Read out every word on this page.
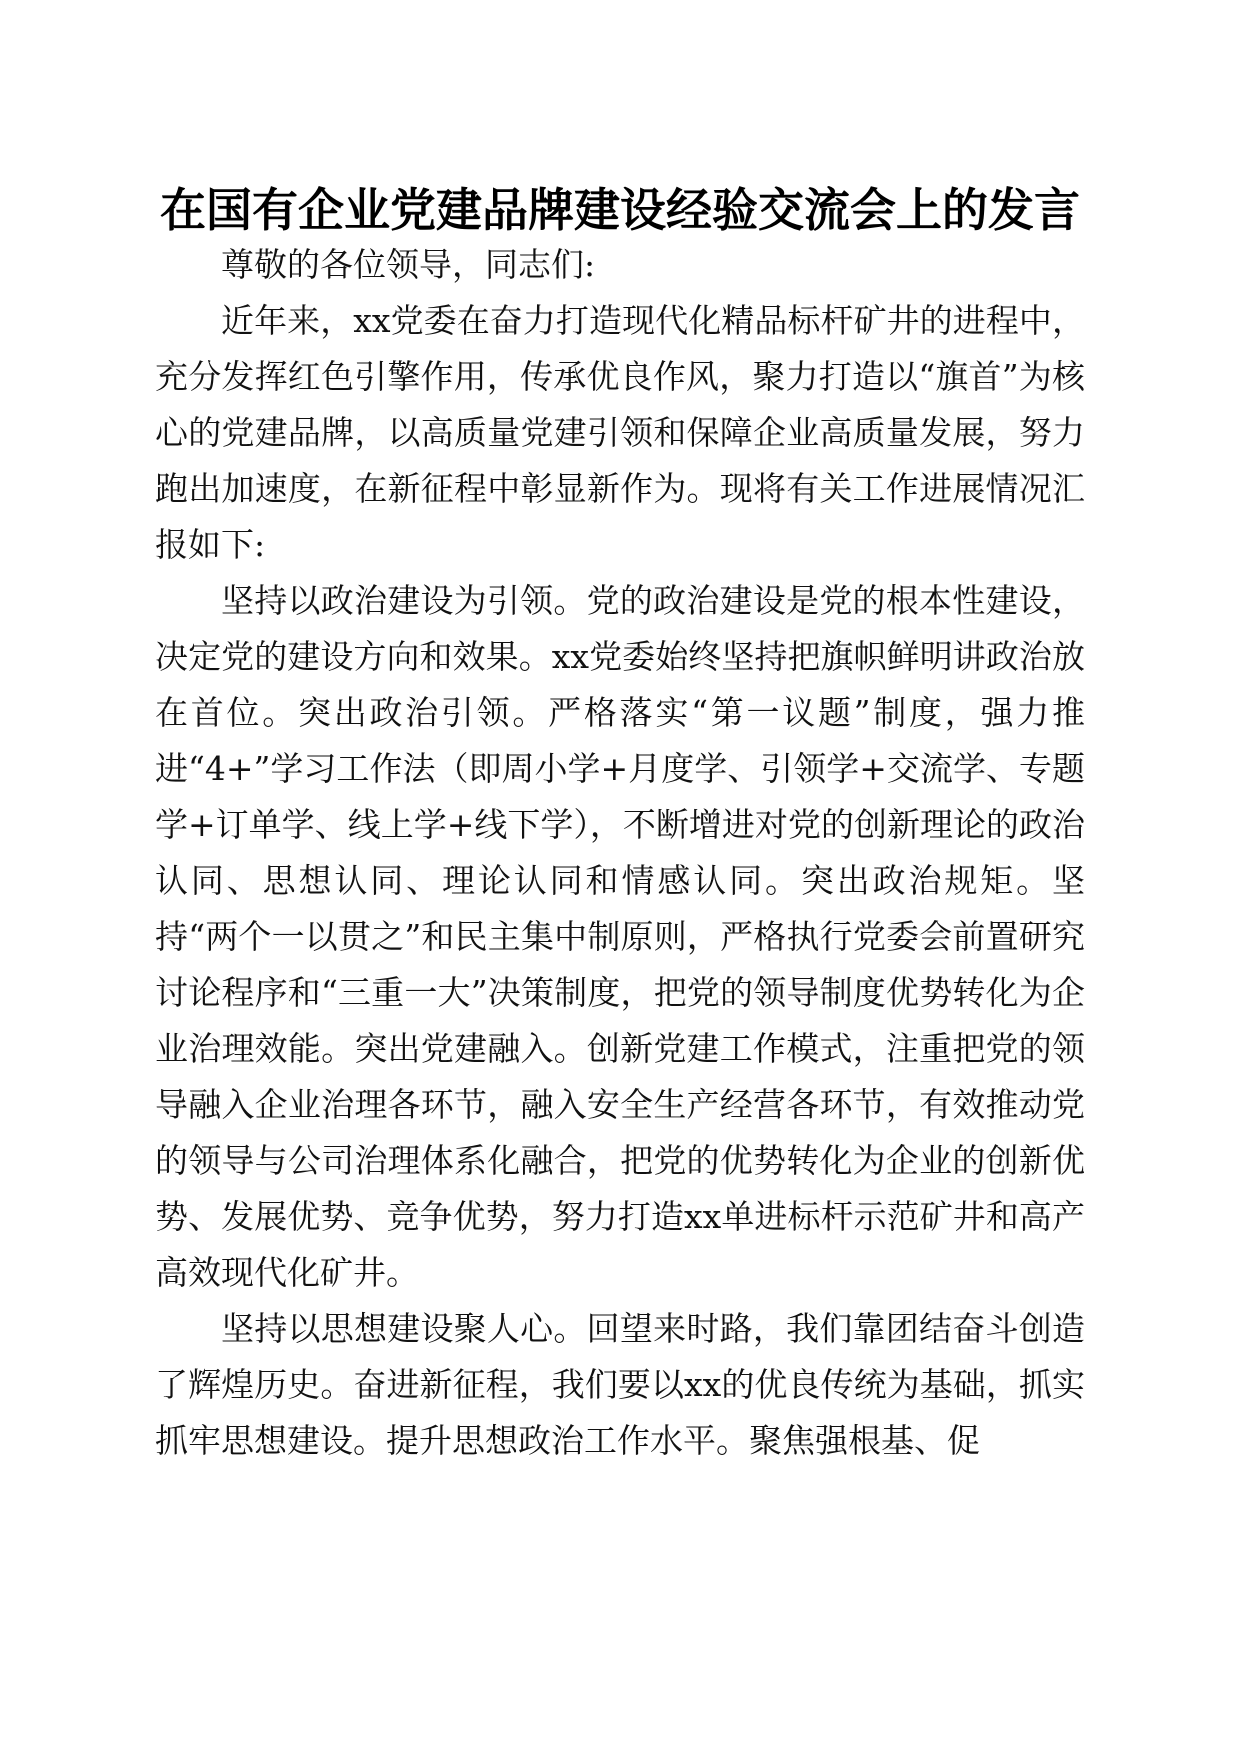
在国有企业党建品牌建设经验交流会上的发言

尊敬的各位领导，同志们:

近年来，xx党委在奋力打造现代化精品标杆矿井的进程中，充分发挥红色引擎作用，传承优良作风，聚力打造以“旗首”为核心的党建品牌，以高质量党建引领和保障企业高质量发展，努力跑出加速度，在新征程中彰显新作为。现将有关工作进展情况汇报如下:

坚持以政治建设为引领。党的政治建设是党的根本性建设，决定党的建设方向和效果。xx党委始终坚持把旗帜鲜明讲政治放在首位。突出政治引领。严格落实“第一议题”制度，强力推进“4+”学习工作法（即周小学+月度学、引领学+交流学、专题学+订单学、线上学+线下学），不断增进对党的创新理论的政治认同、思想认同、理论认同和情感认同。突出政治规矩。坚持“两个一以贯之”和民主集中制原则，严格执行党委会前置研究讨论程序和“三重一大”决策制度，把党的领导制度优势转化为企业治理效能。突出党建融入。创新党建工作模式，注重把党的领导融入企业治理各环节，融入安全生产经营各环节，有效推动党的领导与公司治理体系化融合，把党的优势转化为企业的创新优势、发展优势、竞争优势，努力打造xx单进标杆示范矿井和高产高效现代化矿井。

坚持以思想建设聚人心。回望来时路，我们靠团结奋斗创造了辉煌历史。奋进新征程，我们要以xx的优良传统为基础，抓实抓牢思想建设。提升思想政治工作水平。聚焦强根基、促
